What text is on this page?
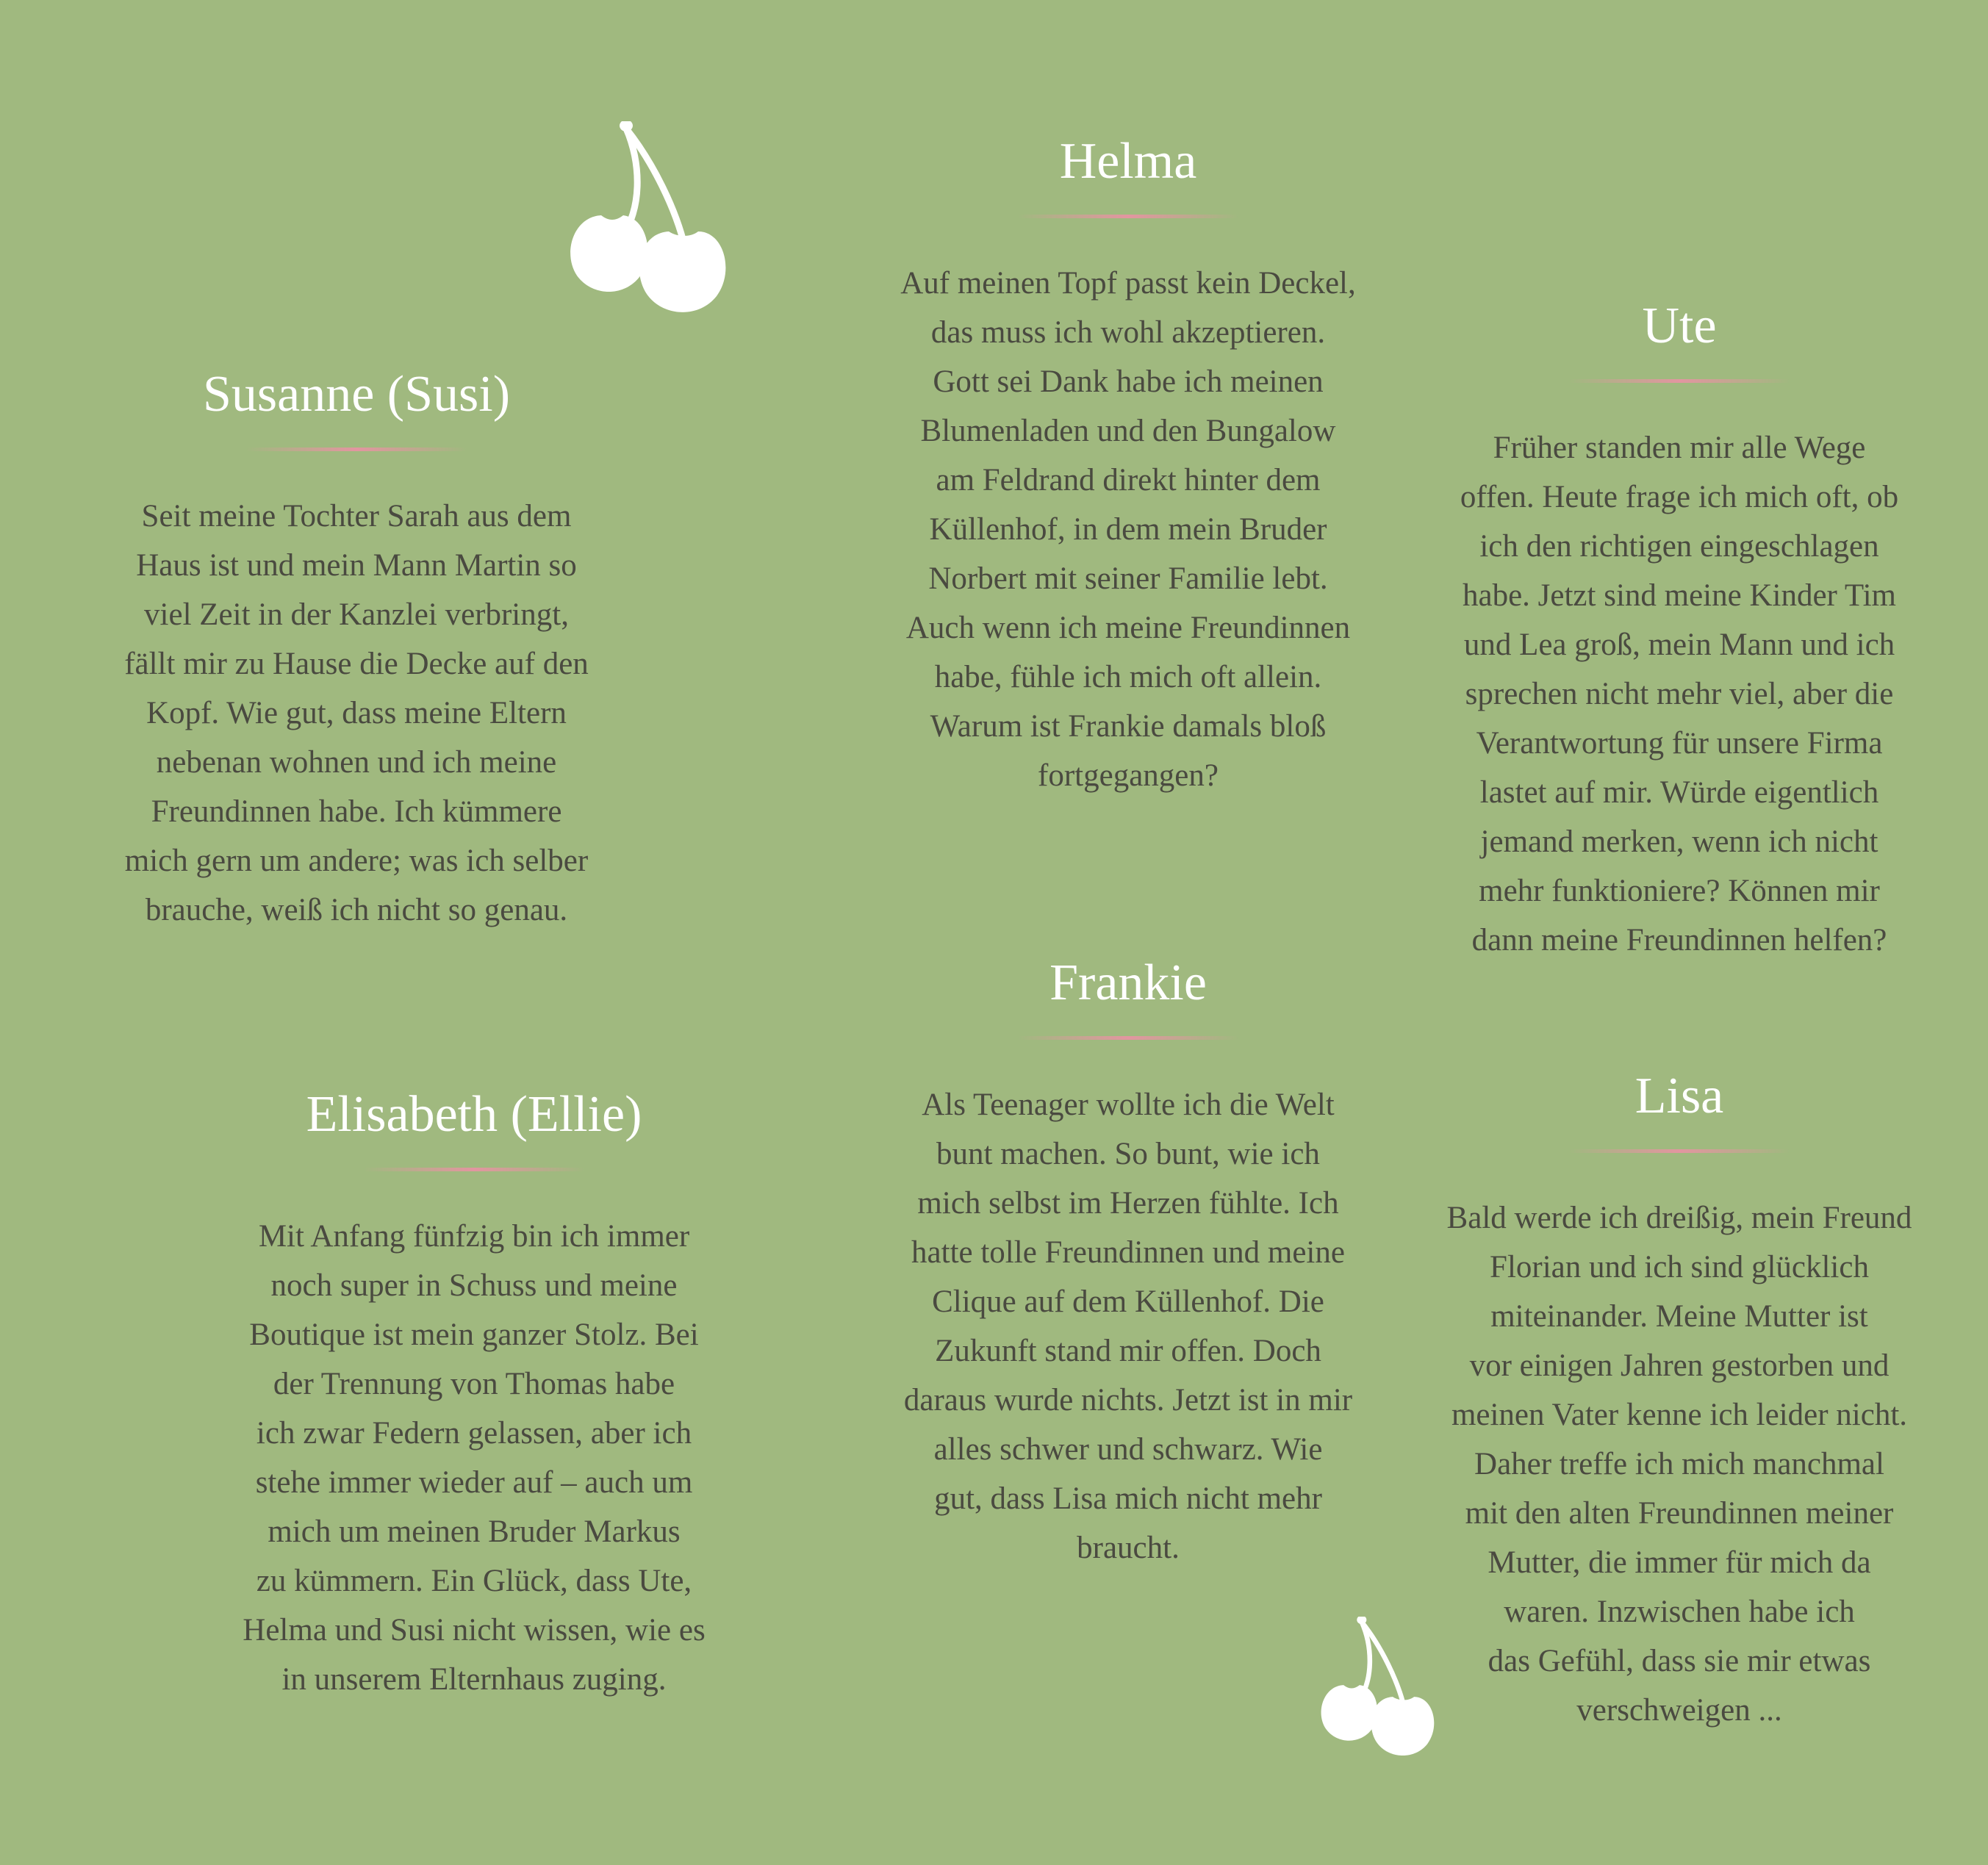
Susanne (Susi)

Seit meine Tochter Sarah aus dem
Haus ist und mein Mann Martin so
viel Zeit in der Kanzlei verbringt,
fällt mir zu Hause die Decke auf den
Kopf. Wie gut, dass meine Eltern
nebenan wohnen und ich meine
Freundinnen habe. Ich kümmere
mich gern um andere; was ich selber
brauche, weiß ich nicht so genau.

Helma

Auf meinen Topf passt kein Deckel,
das muss ich wohl akzeptieren.
Gott sei Dank habe ich meinen
Blumenladen und den Bungalow
am Feldrand direkt hinter dem
Küllenhof, in dem mein Bruder
Norbert mit seiner Familie lebt.
Auch wenn ich meine Freundinnen
habe, fühle ich mich oft allein.
Warum ist Frankie damals bloß
fortgegangen?

Ute

Früher standen mir alle Wege
offen. Heute frage ich mich oft, ob
ich den richtigen eingeschlagen
habe. Jetzt sind meine Kinder Tim
und Lea groß, mein Mann und ich
sprechen nicht mehr viel, aber die
Verantwortung für unsere Firma
lastet auf mir. Würde eigentlich
jemand merken, wenn ich nicht
mehr funktioniere? Können mir
dann meine Freundinnen helfen?

Elisabeth (Ellie)

Mit Anfang fünfzig bin ich immer
noch super in Schuss und meine
Boutique ist mein ganzer Stolz. Bei
der Trennung von Thomas habe
ich zwar Federn gelassen, aber ich
stehe immer wieder auf – auch um
mich um meinen Bruder Markus
zu kümmern. Ein Glück, dass Ute,
Helma und Susi nicht wissen, wie es
in unserem Elternhaus zuging.

Frankie

Als Teenager wollte ich die Welt
bunt machen. So bunt, wie ich
mich selbst im Herzen fühlte. Ich
hatte tolle Freundinnen und meine
Clique auf dem Küllenhof. Die
Zukunft stand mir offen. Doch
daraus wurde nichts. Jetzt ist in mir
alles schwer und schwarz. Wie
gut, dass Lisa mich nicht mehr
braucht.

Lisa

Bald werde ich dreißig, mein Freund
Florian und ich sind glücklich
miteinander. Meine Mutter ist
vor einigen Jahren gestorben und
meinen Vater kenne ich leider nicht.
Daher treffe ich mich manchmal
mit den alten Freundinnen meiner
Mutter, die immer für mich da
waren. Inzwischen habe ich
das Gefühl, dass sie mir etwas
verschweigen ...
